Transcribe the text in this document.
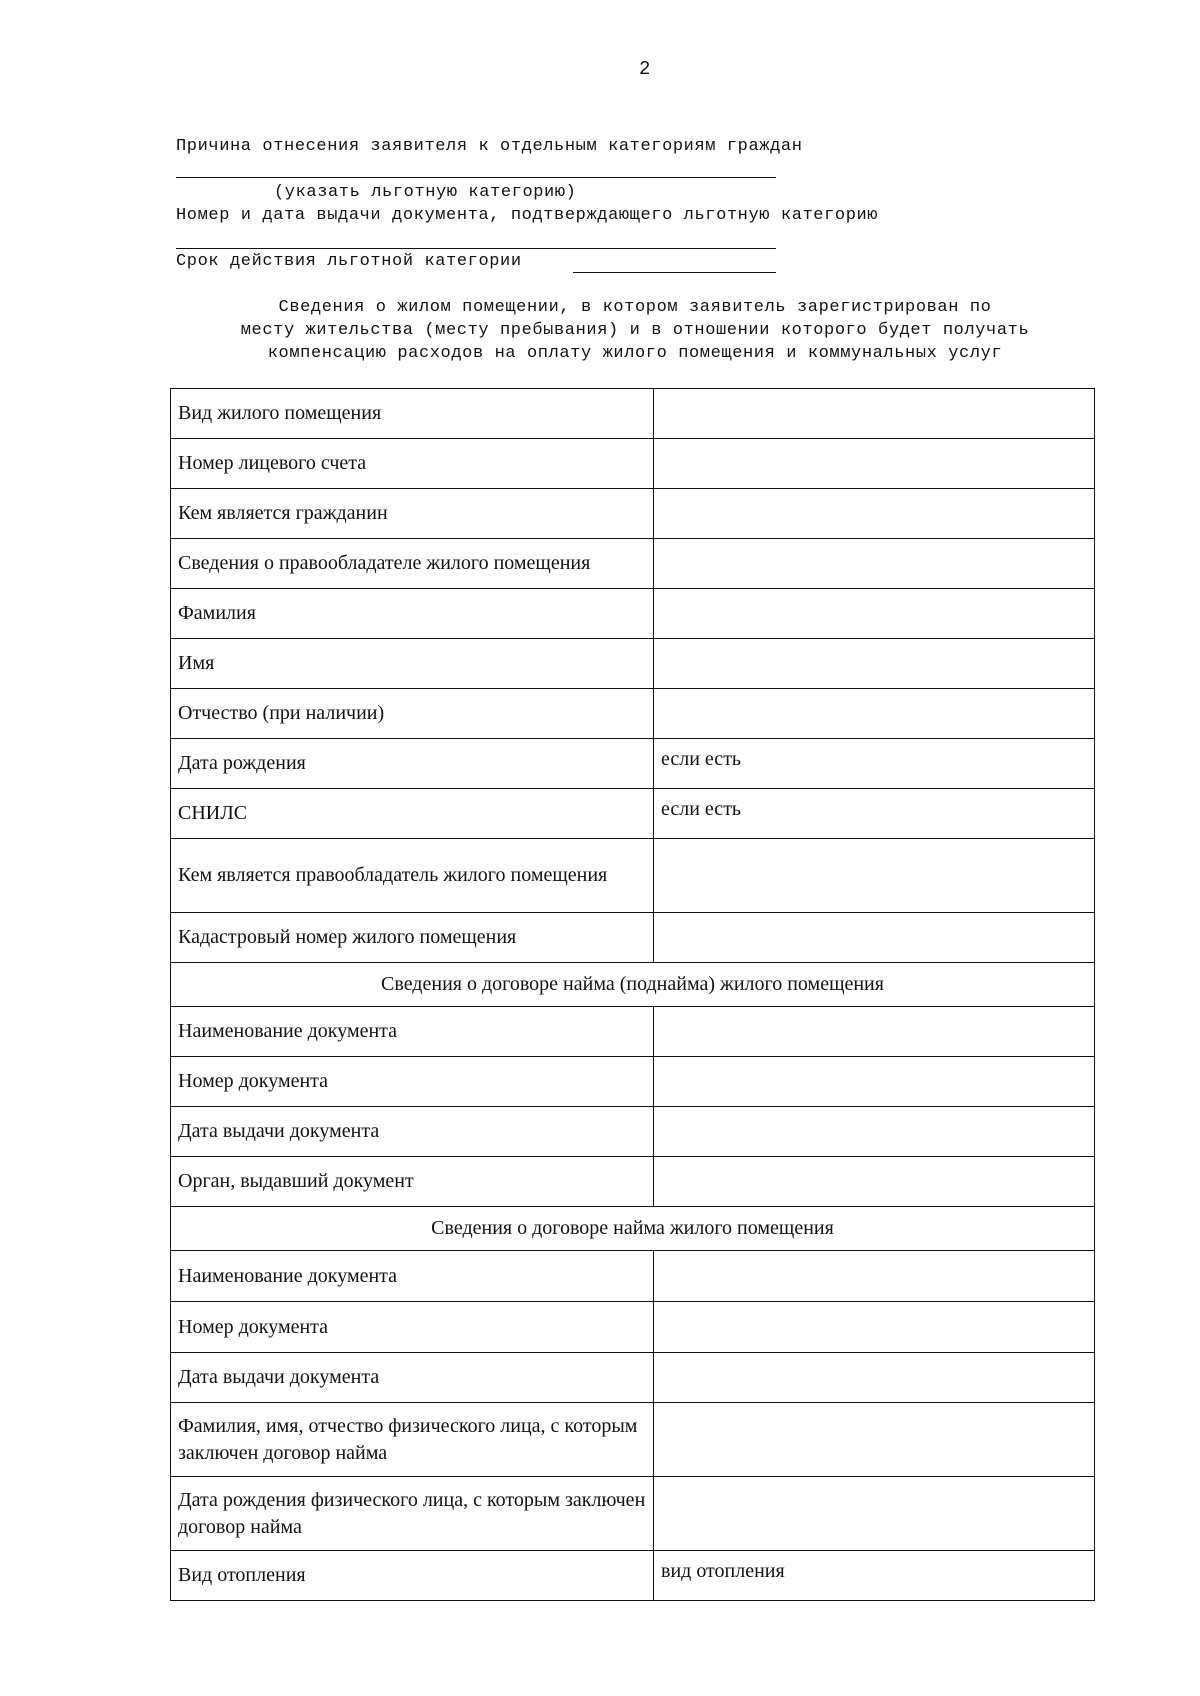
2
Причина отнесения заявителя к отдельным категориям граждан
(указать льготную категорию)
Номер и дата выдачи документа, подтверждающего льготную категорию
Срок действия льготной категории
Сведения о жилом помещении, в котором заявитель зарегистрирован по
месту жительства (месту пребывания) и в отношении которого будет получать
компенсацию расходов на оплату жилого помещения и коммунальных услуг
Вид жилого помещения	
Номер лицевого счета	
Кем является гражданин	
Сведения о правообладателе жилого помещения	
Фамилия	
Имя	
Отчество (при наличии)	
Дата рождения	если есть
СНИЛС	если есть
Кем является правообладатель жилого помещения	
Кадастровый номер жилого помещения	
Сведения о договоре найма (поднайма) жилого помещения	
Наименование документа	
Номер документа	
Дата выдачи документа	
Орган, выдавший документ	
Сведения о договоре найма жилого помещения	
Наименование документа	
Номер документа	
Дата выдачи документа	
Фамилия, имя, отчество физического лица, с которым заключен договор найма	
Дата рождения физического лица, с которым заключен договор найма	
Вид отопления	вид отопления
